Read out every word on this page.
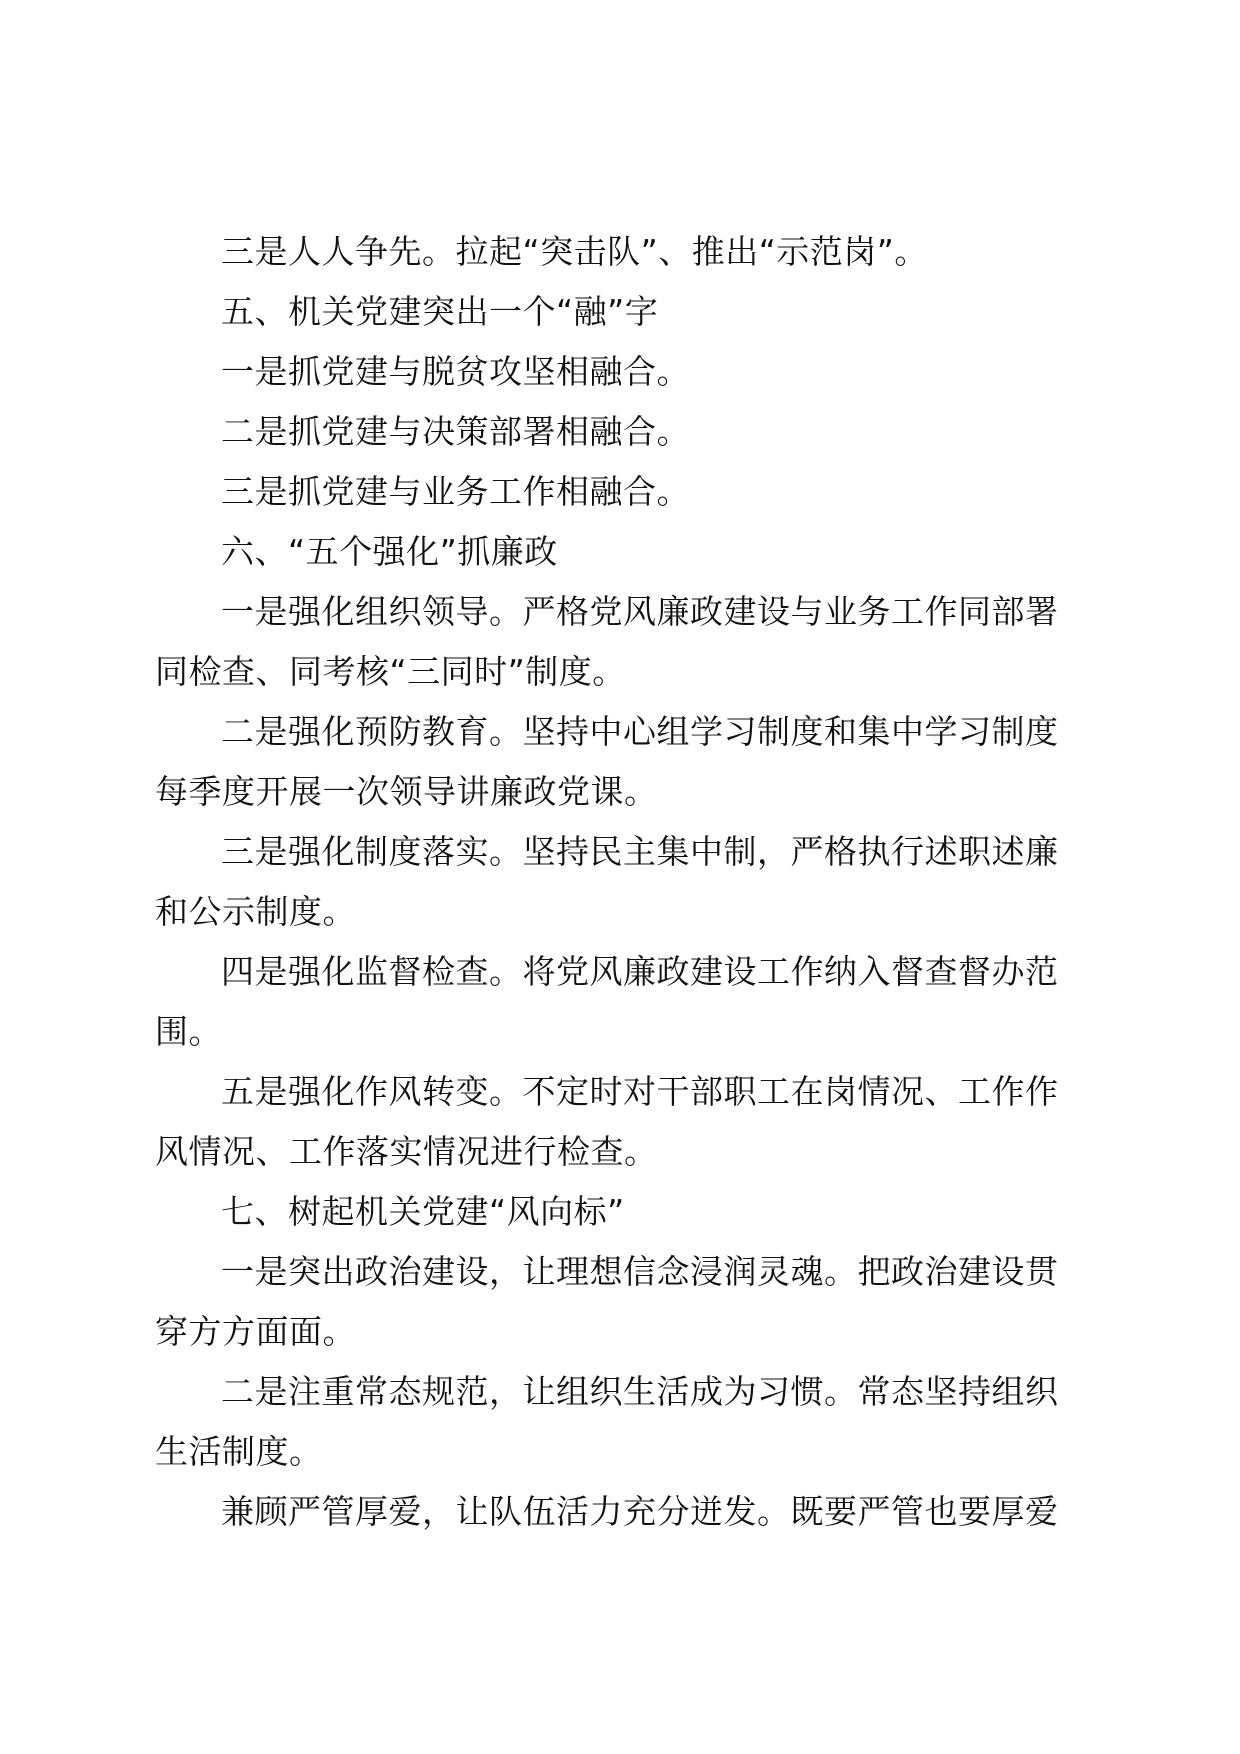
三是人人争先。拉起“突击队”、推出“示范岗”。

五、机关党建突出一个“融”字

一是抓党建与脱贫攻坚相融合。

二是抓党建与决策部署相融合。

三是抓党建与业务工作相融合。

六、“五个强化”抓廉政

一是强化组织领导。严格党风廉政建设与业务工作同部署同检查、同考核“三同时”制度。

二是强化预防教育。坚持中心组学习制度和集中学习制度每季度开展一次领导讲廉政党课。

三是强化制度落实。坚持民主集中制，严格执行述职述廉和公示制度。

四是强化监督检查。将党风廉政建设工作纳入督查督办范围。

五是强化作风转变。不定时对干部职工在岗情况、工作作风情况、工作落实情况进行检查。

七、树起机关党建“风向标”

一是突出政治建设，让理想信念浸润灵魂。把政治建设贯穿方方面面。

二是注重常态规范，让组织生活成为习惯。常态坚持组织生活制度。

兼顾严管厚爱，让队伍活力充分迸发。既要严管也要厚爱
